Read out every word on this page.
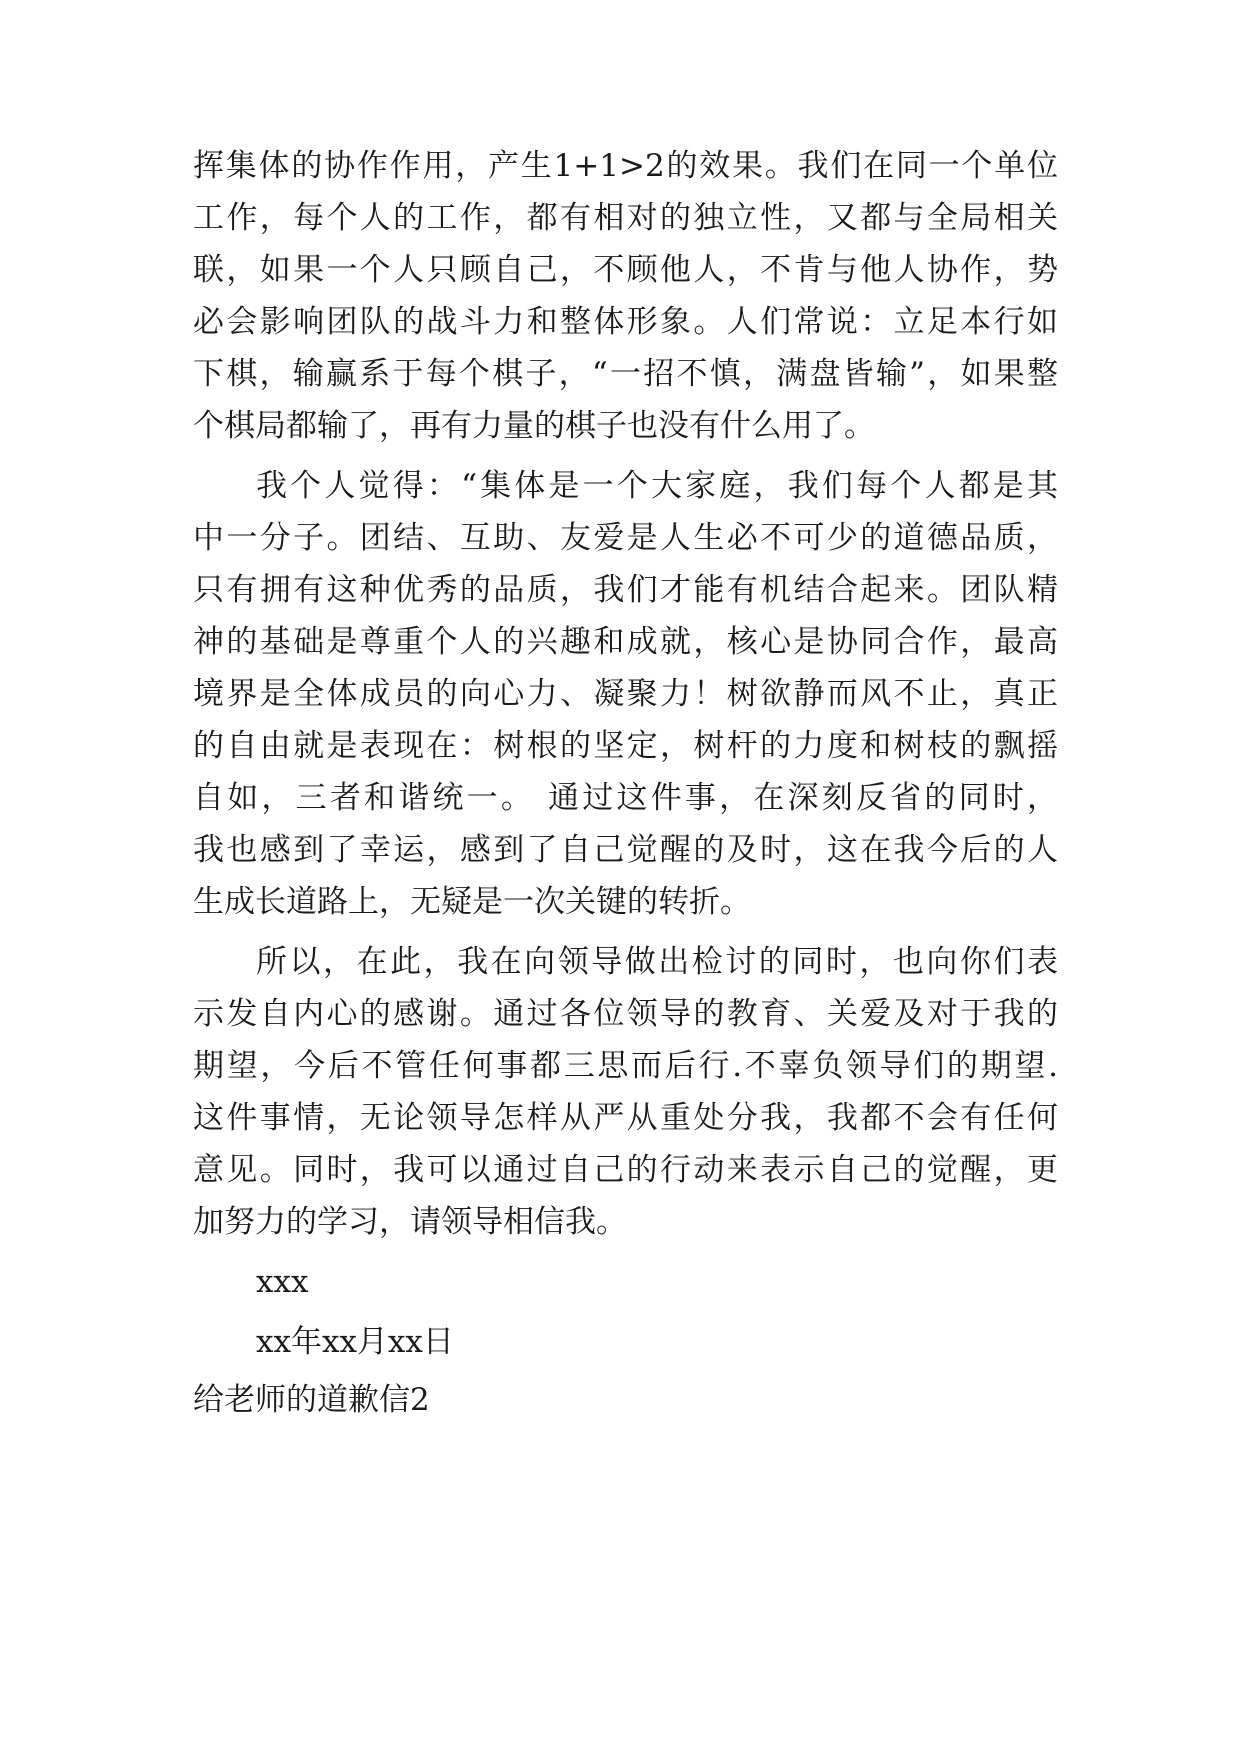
挥集体的协作作用，产生1+1>2的效果。我们在同一个单位
工作，每个人的工作，都有相对的独立性，又都与全局相关
联，如果一个人只顾自己，不顾他人，不肯与他人协作，势
必会影响团队的战斗力和整体形象。人们常说：立足本行如
下棋，输赢系于每个棋子，“一招不慎，满盘皆输”，如果整
个棋局都输了，再有力量的棋子也没有什么用了。
我个人觉得：“集体是一个大家庭，我们每个人都是其
中一分子。团结、互助、友爱是人生必不可少的道德品质，
只有拥有这种优秀的品质，我们才能有机结合起来。团队精
神的基础是尊重个人的兴趣和成就，核心是协同合作，最高
境界是全体成员的向心力、凝聚力！树欲静而风不止，真正
的自由就是表现在：树根的坚定，树杆的力度和树枝的飘摇
自如，三者和谐统一。 通过这件事，在深刻反省的同时，
我也感到了幸运，感到了自己觉醒的及时，这在我今后的人
生成长道路上，无疑是一次关键的转折。
所以，在此，我在向领导做出检讨的同时，也向你们表
示发自内心的感谢。通过各位领导的教育、关爱及对于我的
期望，今后不管任何事都三思而后行.不辜负领导们的期望.
这件事情，无论领导怎样从严从重处分我，我都不会有任何
意见。同时，我可以通过自己的行动来表示自己的觉醒，更
加努力的学习，请领导相信我。
xxx
xx年xx月xx日
给老师的道歉信2
